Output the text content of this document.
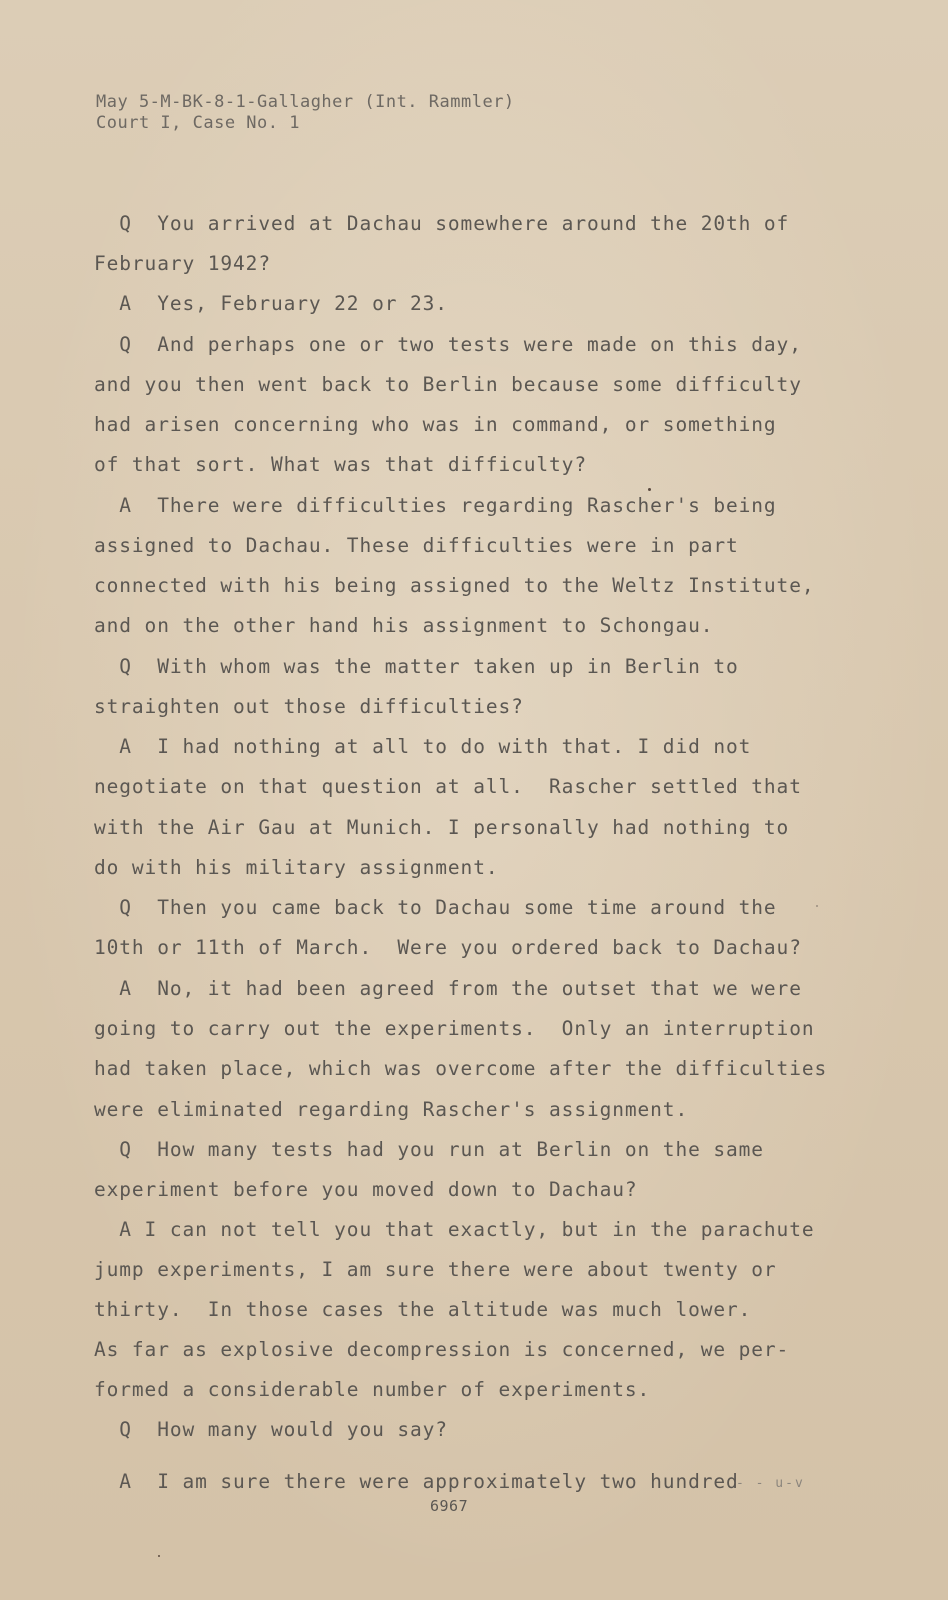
May 5-M-BK-8-1-Gallagher (Int. Rammler)
Court I, Case No. 1
Q  You arrived at Dachau somewhere around the 20th of
February 1942?
A  Yes, February 22 or 23.
Q  And perhaps one or two tests were made on this day,
and you then went back to Berlin because some difficulty
had arisen concerning who was in command, or something
of that sort. What was that difficulty?
A  There were difficulties regarding Rascher's being
assigned to Dachau. These difficulties were in part
connected with his being assigned to the Weltz Institute,
and on the other hand his assignment to Schongau.
Q  With whom was the matter taken up in Berlin to
straighten out those difficulties?
A  I had nothing at all to do with that. I did not
negotiate on that question at all.  Rascher settled that
with the Air Gau at Munich. I personally had nothing to
do with his military assignment.
Q  Then you came back to Dachau some time around the
10th or 11th of March.  Were you ordered back to Dachau?
A  No, it had been agreed from the outset that we were
going to carry out the experiments.  Only an interruption
had taken place, which was overcome after the difficulties
were eliminated regarding Rascher's assignment.
Q  How many tests had you run at Berlin on the same
experiment before you moved down to Dachau?
A I can not tell you that exactly, but in the parachute
jump experiments, I am sure there were about twenty or
thirty.  In those cases the altitude was much lower.
As far as explosive decompression is concerned, we per-
formed a considerable number of experiments.
Q  How many would you say?
A  I am sure there were approximately two hundred
- - u-v
6967
